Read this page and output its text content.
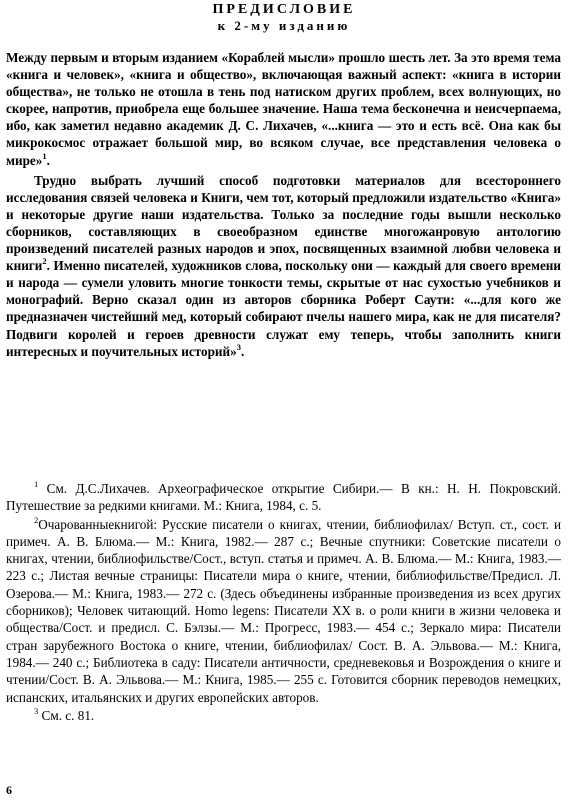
ПРЕДИСЛОВИЕ
к 2-му изданию

Между первым и вторым изданием «Кораблей мысли» прошло шесть лет. За это время тема «книга и человек», «книга и общество», включающая важный аспект: «книга в истории общества», не только не отошла в тень под натиском других проблем, всех волнующих, но скорее, напротив, приобрела еще большее значение. Наша тема бесконечна и неисчерпаема, ибо, как заметил недавно академик Д. С. Лихачев, «...книга — это и есть всё. Она как бы микрокосмос отражает большой мир, во всяком случае, все представления человека о мире»$^1$.

Трудно выбрать лучший способ подготовки материалов для всестороннего исследования связей человека и Книги, чем тот, который предложили издательство «Книга» и некоторые другие наши издательства. Только за последние годы вышли несколько сборников, составляющих в своеобразном единстве многожанровую антологию произведений писателей разных народов и эпох, посвященных взаимной любви человека и книги$^2$. Именно писателей, художников слова, поскольку они — каждый для своего времени и народа — сумели уловить многие тонкости темы, скрытые от нас сухостью учебников и монографий. Верно сказал один из авторов сборника Роберт Саути: «...для кого же предназначен чистейший мед, который собирают пчелы нашего мира, как не для писателя? Подвиги королей и героев древности служат ему теперь, чтобы заполнить книги интересных и поучительных историй»$^3$.

$^1$ См. Д.С.Лихачев. Археографическое открытие Сибири.— В кн.: Н. Н. Покровский. Путешествие за редкими книгами. М.: Книга, 1984, с. 5.

$^2$Очарованныекнигой: Русские писатели о книгах, чтении, библиофилах/ Вступ. ст., сост. и примеч. А. В. Блюма.— М.: Книга, 1982.— 287 с.; Вечные спутники: Советские писатели о книгах, чтении, библиофильстве/Сост., вступ. статья и примеч. А. В. Блюма.— М.: Книга, 1983.— 223 с.; Листая вечные страницы: Писатели мира о книге, чтении, библиофильстве/Предисл. Л. Озерова.— М.: Книга, 1983.— 272 с. (Здесь объединены избранные произведения из всех других сборников); Человек читающий. Homo legens: Писатели XX в. о роли книги в жизни человека и общества/Сост. и предисл. С. Бэлзы.— М.: Прогресс, 1983.— 454 с.; Зеркало мира: Писатели стран зарубежного Востока о книге, чтении, библиофилах/ Сост. В. А. Эльвова.— М.: Книга, 1984.— 240 с.; Библиотека в саду: Писатели античности, средневековья и Возрождения о книге и чтении/Сост. В. А. Эльвова.— М.: Книга, 1985.— 255 с. Готовится сборник переводов немецких, испанских, итальянских и других европейских авторов.

$^3$ См. с. 81.

6
